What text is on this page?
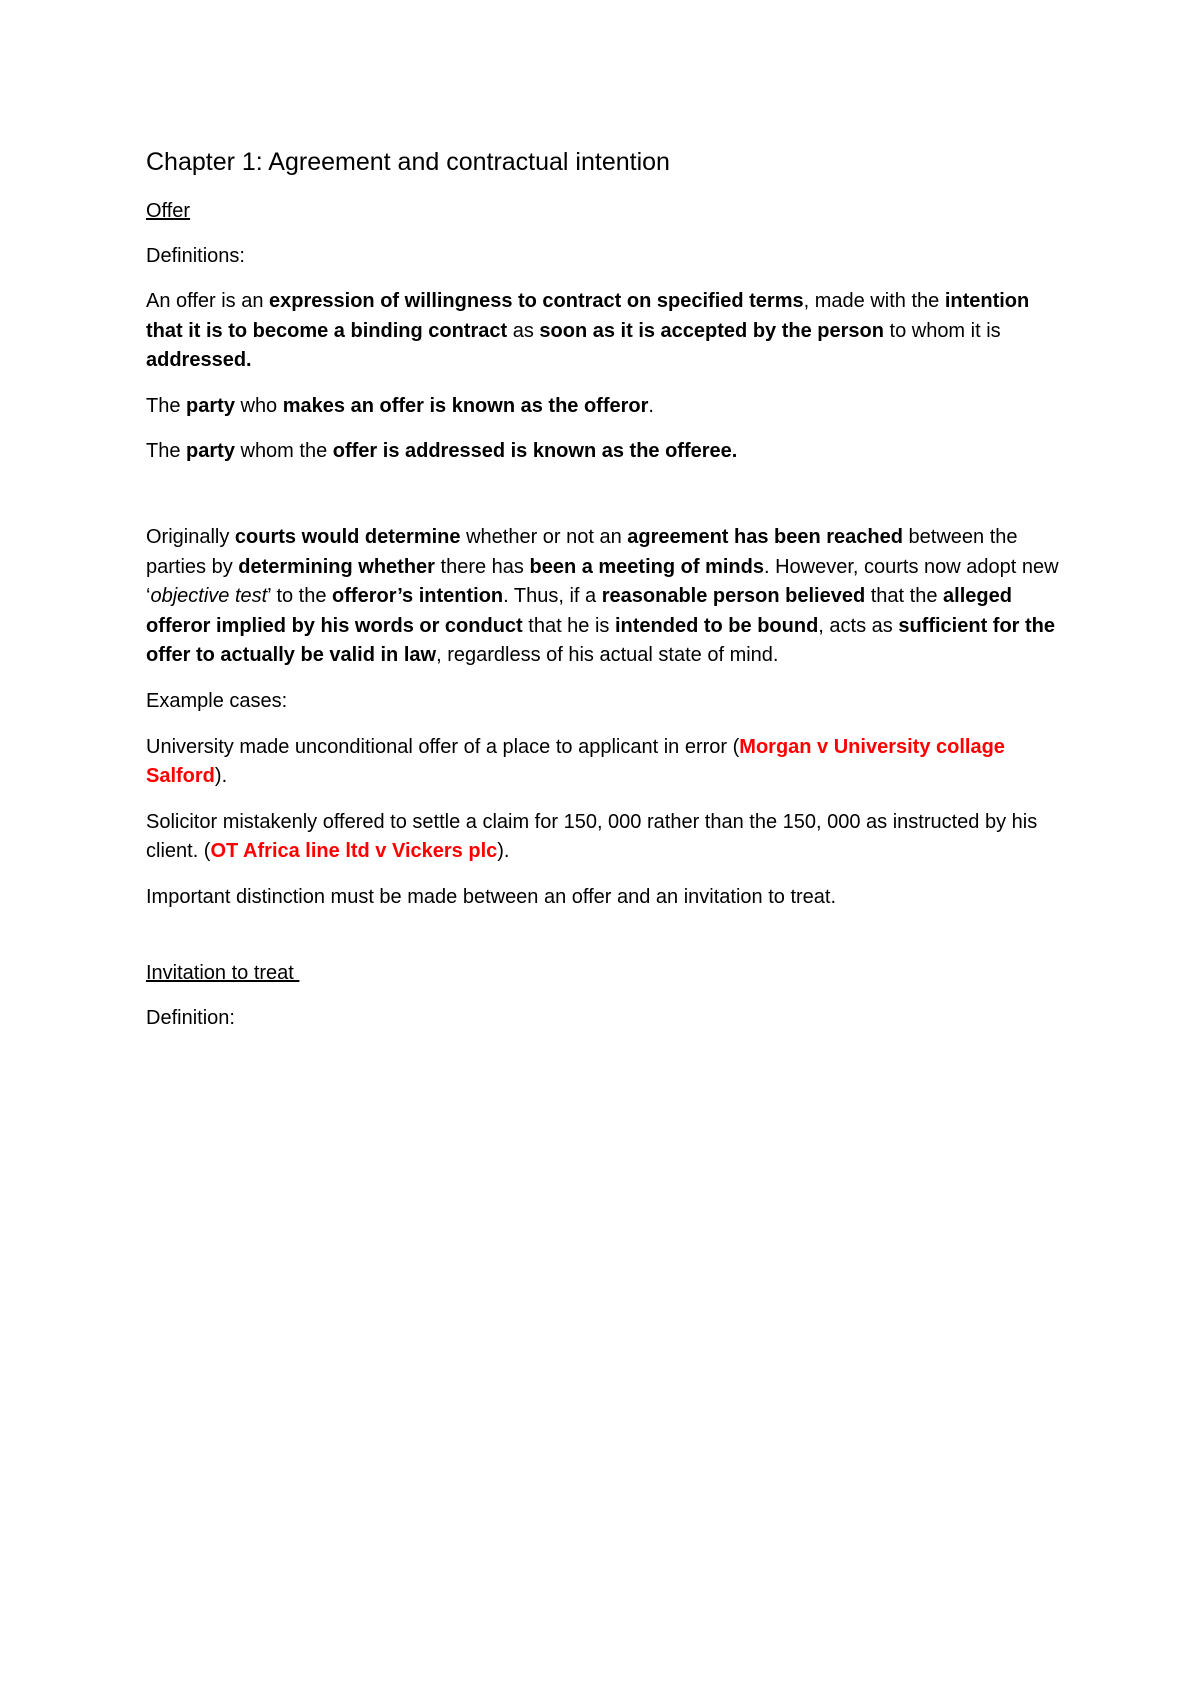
Chapter 1: Agreement and contractual intention
Offer

Definitions:

An offer is an expression of willingness to contract on specified terms, made with the intention that it is to become a binding contract as soon as it is accepted by the person to whom it is addressed.

The party who makes an offer is known as the offeror.

The party whom the offer is addressed is known as the offeree.

Originally courts would determine whether or not an agreement has been reached between the parties by determining whether there has been a meeting of minds. However, courts now adopt new ‘objective test’ to the offeror’s intention. Thus, if a reasonable person believed that the alleged offeror implied by his words or conduct that he is intended to be bound, acts as sufficient for the offer to actually be valid in law, regardless of his actual state of mind.

Example cases:

University made unconditional offer of a place to applicant in error (Morgan v University collage Salford).

Solicitor mistakenly offered to settle a claim for 150, 000 rather than the 150, 000 as instructed by his client. (OT Africa line ltd v Vickers plc).

Important distinction must be made between an offer and an invitation to treat.

Invitation to treat

Definition:
